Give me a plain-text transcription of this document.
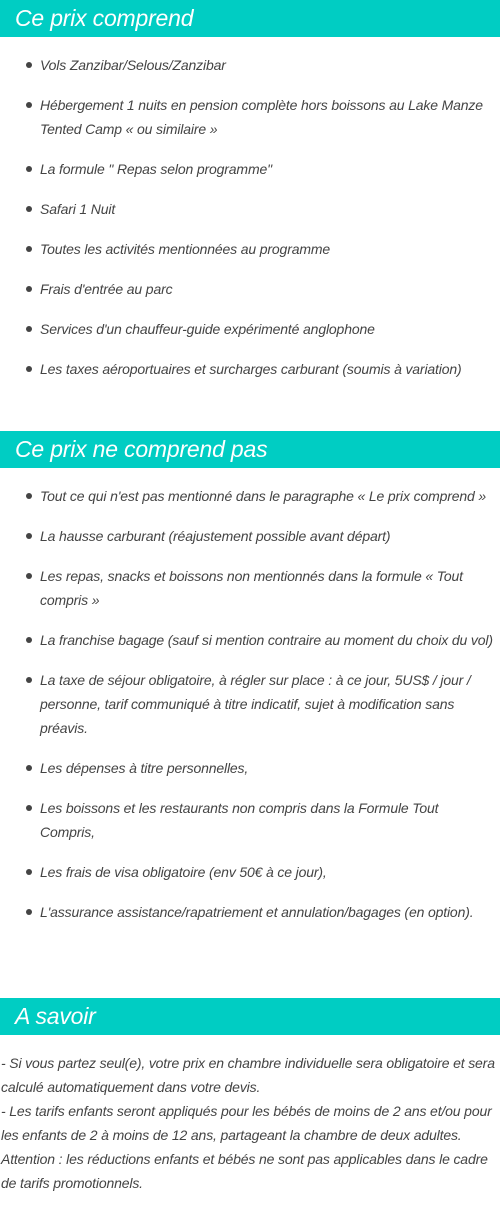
Ce prix comprend
Vols Zanzibar/Selous/Zanzibar
Hébergement 1 nuits en pension complète hors boissons au Lake Manze Tented Camp « ou similaire »
La formule " Repas selon programme"
Safari 1 Nuit
Toutes les activités mentionnées au programme
Frais d'entrée au parc
Services d'un chauffeur-guide expérimenté anglophone
Les taxes aéroportuaires et surcharges carburant (soumis à variation)
Ce prix ne comprend pas
Tout ce qui n'est pas mentionné dans le paragraphe « Le prix comprend »
La hausse carburant (réajustement possible avant départ)
Les repas, snacks et boissons non mentionnés dans la formule « Tout compris »
La franchise bagage (sauf si mention contraire au moment du choix du vol)
La taxe de séjour obligatoire, à régler sur place : à ce jour, 5US$ / jour / personne, tarif communiqué à titre indicatif, sujet à modification sans préavis.
Les dépenses à titre personnelles,
Les boissons et les restaurants non compris dans la Formule Tout Compris,
Les frais de visa obligatoire (env 50€ à ce jour),
L'assurance assistance/rapatriement et annulation/bagages (en option).
A savoir

- Si vous partez seul(e), votre prix en chambre individuelle sera obligatoire et sera calculé automatiquement dans votre devis.

- Les tarifs enfants seront appliqués pour les bébés de moins de 2 ans et/ou pour les enfants de 2 à moins de 12 ans, partageant la chambre de deux adultes.

Attention : les réductions enfants et bébés ne sont pas applicables dans le cadre de tarifs promotionnels.
